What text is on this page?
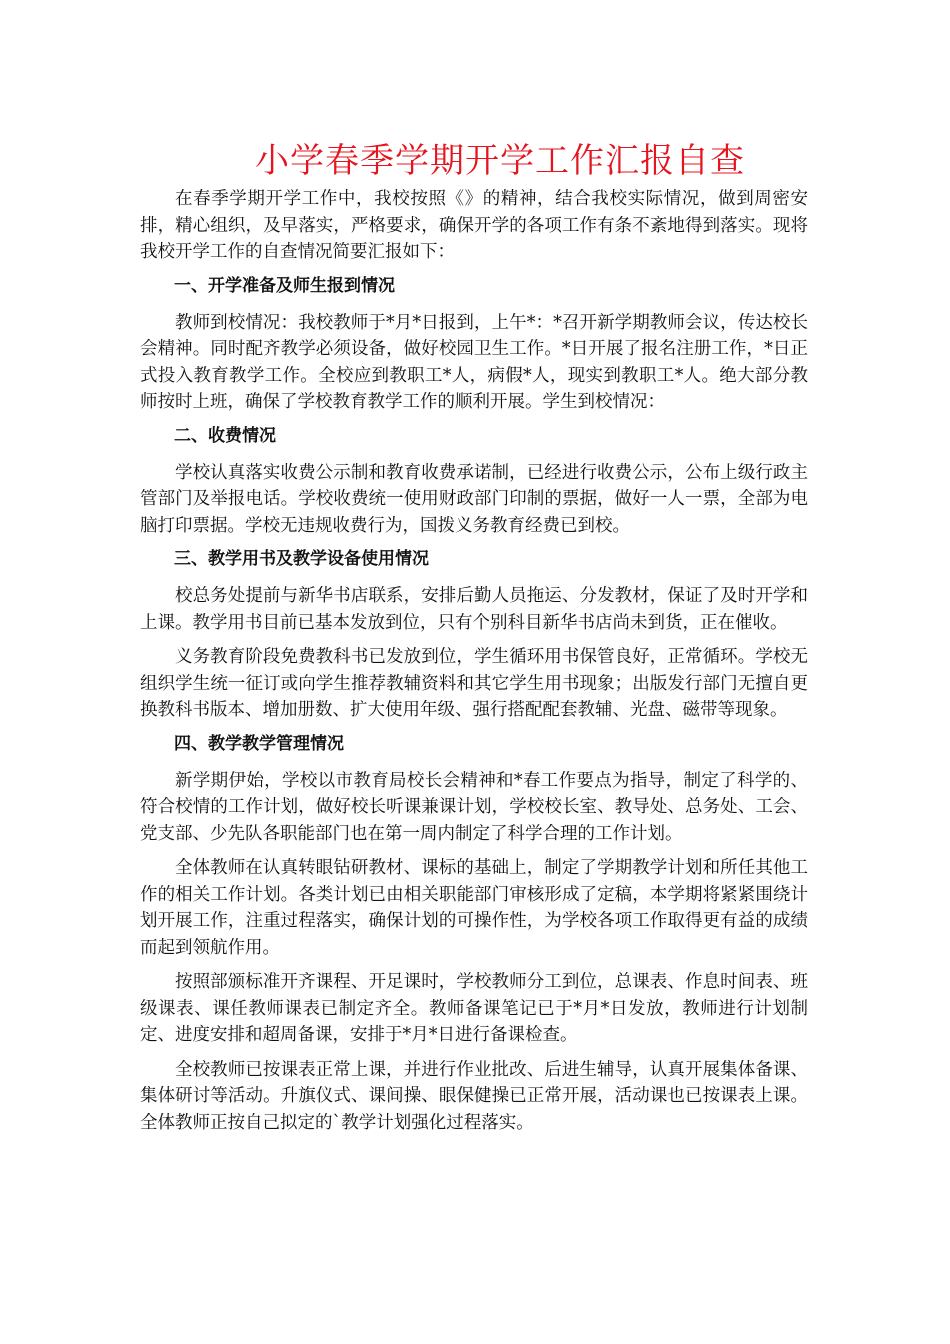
小学春季学期开学工作汇报自查

在春季学期开学工作中，我校按照《》的精神，结合我校实际情况，做到周密安排，精心组织，及早落实，严格要求，确保开学的各项工作有条不紊地得到落实。现将我校开学工作的自查情况简要汇报如下：

一、开学准备及师生报到情况

教师到校情况：我校教师于*月*日报到，上午*：*召开新学期教师会议，传达校长会精神。同时配齐教学必须设备，做好校园卫生工作。*日开展了报名注册工作，*日正式投入教育教学工作。全校应到教职工*人，病假*人，现实到教职工*人。绝大部分教师按时上班，确保了学校教育教学工作的顺利开展。学生到校情况：

二、收费情况

学校认真落实收费公示制和教育收费承诺制，已经进行收费公示，公布上级行政主管部门及举报电话。学校收费统一使用财政部门印制的票据，做好一人一票，全部为电脑打印票据。学校无违规收费行为，国拨义务教育经费已到校。

三、教学用书及教学设备使用情况

校总务处提前与新华书店联系，安排后勤人员拖运、分发教材，保证了及时开学和上课。教学用书目前已基本发放到位，只有个别科目新华书店尚未到货，正在催收。

义务教育阶段免费教科书已发放到位，学生循环用书保管良好，正常循环。学校无组织学生统一征订或向学生推荐教辅资料和其它学生用书现象；出版发行部门无擅自更换教科书版本、增加册数、扩大使用年级、强行搭配配套教辅、光盘、磁带等现象。

四、教学教学管理情况

新学期伊始，学校以市教育局校长会精神和*春工作要点为指导，制定了科学的、符合校情的工作计划，做好校长听课兼课计划，学校校长室、教导处、总务处、工会、党支部、少先队各职能部门也在第一周内制定了科学合理的工作计划。

全体教师在认真转眼钻研教材、课标的基础上，制定了学期教学计划和所任其他工作的相关工作计划。各类计划已由相关职能部门审核形成了定稿，本学期将紧紧围绕计划开展工作，注重过程落实，确保计划的可操作性，为学校各项工作取得更有益的成绩而起到领航作用。

按照部颁标准开齐课程、开足课时，学校教师分工到位，总课表、作息时间表、班级课表、课任教师课表已制定齐全。教师备课笔记已于*月*日发放，教师进行计划制定、进度安排和超周备课，安排于*月*日进行备课检查。

全校教师已按课表正常上课，并进行作业批改、后进生辅导，认真开展集体备课、集体研讨等活动。升旗仪式、课间操、眼保健操已正常开展，活动课也已按课表上课。全体教师正按自己拟定的`教学计划强化过程落实。
